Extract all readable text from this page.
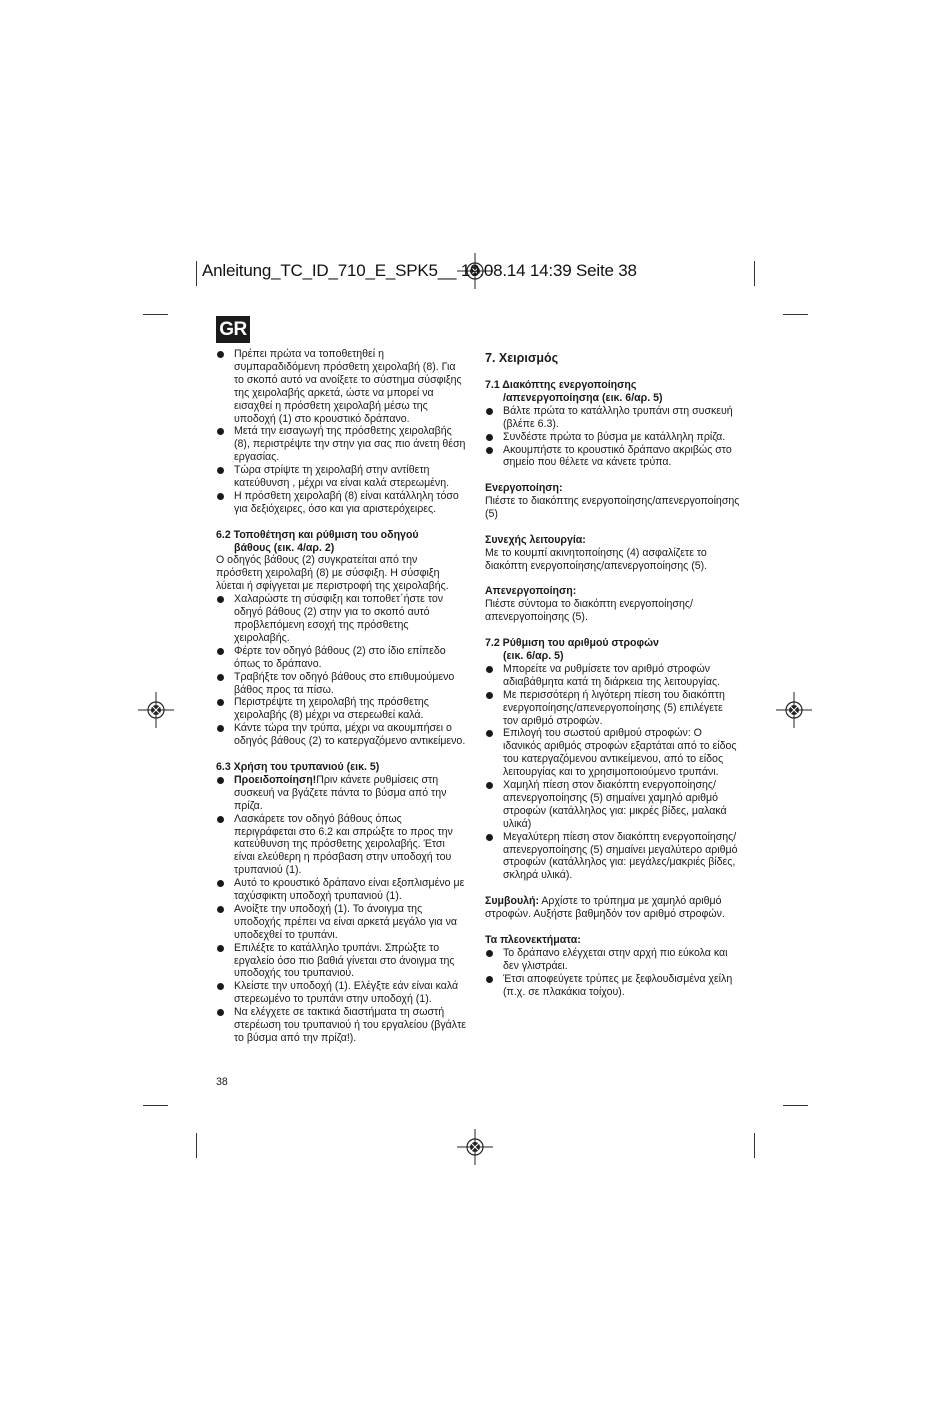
Anleitung_TC_ID_710_E_SPK5__ 19.08.14 14:39 Seite 38
GR
Πρέπει πρώτα να τοποθετηθεί η συμπαραδιδόμενη πρόσθετη χειρολαβή (8). Για το σκοπό αυτό να ανοίξετε το σύστημα σύσφιξης της χειρολαβής αρκετά, ώστε να μπορεί να εισαχθεί η πρόσθετη χειρολαβή μέσω της υποδοχή (1) στο κρουστικό δράπανο.
Μετά την εισαγωγή της πρόσθετης χειρολαβής (8), περιστρέψτε την στην για σας πιο άνετη θέση εργασίας.
Τώρα στρίψτε τη χειρολαβή στην αντίθετη κατεύθυνση , μέχρι να είναι καλά στερεωμένη.
Η πρόσθετη χειρολαβή (8) είναι κατάλληλη τόσο για δεξιόχειρες, όσο και για αριστερόχειρες.
6.2 Τοποθέτηση και ρύθμιση του οδηγού
βάθους (εικ. 4/αρ. 2)
Ο οδηγός βάθους (2) συγκρατείται από την πρόσθετη χειρολαβή (8) με σύσφιξη. Η σύσφιξη λύεται ή σφίγγεται με περιστροφή της χειρολαβής.
Χαλαρώστε τη σύσφιξη και τοποθετ΄ήστε τον οδηγό βάθους (2) στην για το σκοπό αυτό προβλεπόμενη εσοχή της πρόσθετης χειρολαβής.
Φέρτε τον οδηγό βάθους (2) στο ίδιο επίπεδο όπως το δράπανο.
Τραβήξτε τον οδηγό βάθους στο επιθυμούμενο βάθος προς τα πίσω.
Περιστρέψτε τη χειρολαβή της πρόσθετης χειρολαβής (8) μέχρι να στερεωθεί καλά.
Κάντε τώρα την τρύπα, μέχρι να ακουμπήσει ο οδηγός βάθους (2) το κατεργαζόμενο αντικείμενο.
6.3 Χρήση του τρυπανιού (εικ. 5)
Προειδοποίηση!Πριν κάνετε ρυθμίσεις στη συσκευή να βγάζετε πάντα το βύσμα από την πρίζα.
Λασκάρετε τον οδηγό βάθους όπως περιγράφεται στο 6.2 και σπρώξτε το προς την κατεύθυνση της πρόσθετης χειρολαβής. Έτσι είναι ελεύθερη η πρόσβαση στην υποδοχή του τρυπανιού (1).
Αυτό το κρουστικό δράπανο είναι εξοπλισμένο με ταχύσφικτη υποδοχή τρυπανιού (1).
Ανοίξτε την υποδοχή (1). Το άνοιγμα της υποδοχής πρέπει να είναι αρκετά μεγάλο για να υποδεχθεί το τρυπάνι.
Επιλέξτε το κατάλληλο τρυπάνι. Σπρώξτε το εργαλείο όσο πιο βαθιά γίνεται στο άνοιγμα της υποδοχής του τρυπανιού.
Κλείστε την υποδοχή (1). Ελέγξτε εάν είναι καλά στερεωμένο το τρυπάνι στην υποδοχή (1).
Να ελέγχετε σε τακτικά διαστήματα τη σωστή στερέωση του τρυπανιού ή του εργαλείου (βγάλτε το βύσμα από την πρίζα!).
7. Χειρισμός
7.1 Διακόπτης ενεργοποίησης
/απενεργοποίησηα (εικ. 6/αρ. 5)
Βάλτε πρώτα το κατάλληλο τρυπάνι στη συσκευή (βλέπε 6.3).
Συνδέστε πρώτα το βύσμα με κατάλληλη πρίζα.
Ακουμπήστε το κρουστικό δράπανο ακριβώς στο σημείο που θέλετε να κάνετε τρύπα.
Ενεργοποίηση:
Πιέστε το διακόπτης ενεργοποίησης/απενεργοποίησης (5)
Συνεχής λειτουργία:
Με το κουμπί ακινητοποίησης (4) ασφαλίζετε το διακόπτη ενεργοποίησης/απενεργοποίησης (5).
Απενεργοποίηση:
Πιέστε σύντομα το διακόπτη ενεργοποίησης/απενεργοποίησης (5).
7.2 Ρύθμιση του αριθμού στροφών
(εικ. 6/αρ. 5)
Μπορείτε να ρυθμίσετε τον αριθμό στροφών αδιαβάθμητα κατά τη διάρκεια της λειτουργίας.
Με περισσότερη ή λιγότερη πίεση του διακόπτη ενεργοποίησης/απενεργοποίησης (5) επιλέγετε τον αριθμό στροφών.
Επιλογή του σωστού αριθμού στροφών: Ο ιδανικός αριθμός στροφών εξαρτάται από το είδος του κατεργαζόμενου αντικείμενου, από το είδος λειτουργίας και το χρησιμοποιούμενο τρυπάνι.
Χαμηλή πίεση στον διακόπτη ενεργοποίησης/απενεργοποίησης (5) σημαίνει χαμηλό αριθμό στροφών (κατάλληλος για: μικρές βίδες, μαλακά υλικά)
Μεγαλύτερη πίεση στον διακόπτη ενεργοποίησης/απενεργοποίησης (5) σημαίνει μεγαλύτερο αριθμό στροφών (κατάλληλος για: μεγάλες/μακριές βίδες, σκληρά υλικά).
Συμβουλή: Αρχίστε το τρύπημα με χαμηλό αριθμό στροφών. Αυξήστε βαθμηδόν τον αριθμό στροφών.
Τα πλεονεκτήματα:
Το δράπανο ελέγχεται στην αρχή πιο εύκολα και δεν γλιστράει.
Έτσι αποφεύγετε τρύπες με ξεφλουδισμένα χείλη (π.χ. σε πλακάκια τοίχου).
38
